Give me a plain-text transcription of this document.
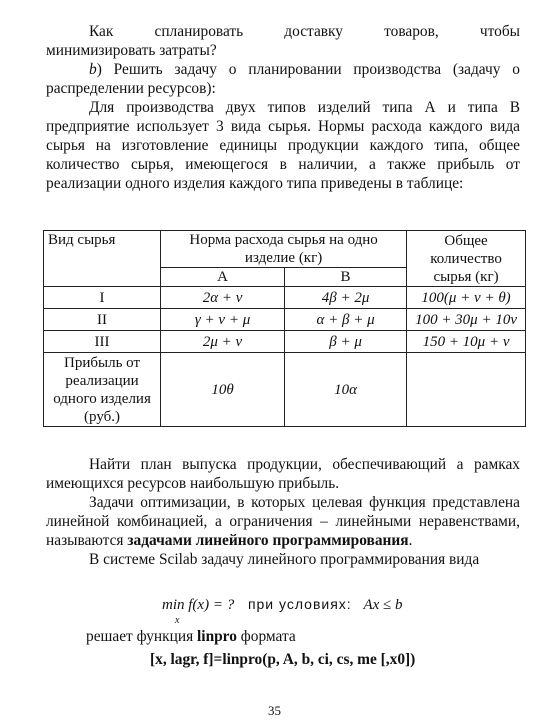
Как спланировать доставку товаров, чтобы

минимизировать затраты?

b) Решить задачу о планировании производства (задачу о распределении ресурсов):

Для производства двух типов изделий типа А и типа В предприятие использует 3 вида сырья. Нормы расхода каждого вида сырья на изготовление единицы продукции каждого типа, общее количество сырья, имеющегося в наличии, а также прибыль от реализации одного изделия каждого типа приведены в таблице:

Вид сырья	Норма расхода сырья на одно изделие (кг)		Общее количество сырья (кг)
	А	В	
I	2α + ν	4β + 2μ	100(μ + ν + θ)
II	γ + ν + μ	α + β + μ	100 + 30μ + 10ν
III	2μ + ν	β + μ	150 + 10μ + ν
Прибыль от реализации одного изделия (руб.)	10θ	10α	

Найти план выпуска продукции, обеспечивающий а рамках имеющихся ресурсов наибольшую прибыль.

Задачи оптимизации, в которых целевая функция представлена линейной комбинацией, а ограничения – линейными неравенствами, называются задачами линейного программирования.

В системе Scilab задачу линейного программирования вида

min f(x) = ?
x
при условиях: Ax ≤ b
решает функция linpro формата
[x, lagr, f]=linpro(p, A, b, ci, cs, me [,x0])
35
